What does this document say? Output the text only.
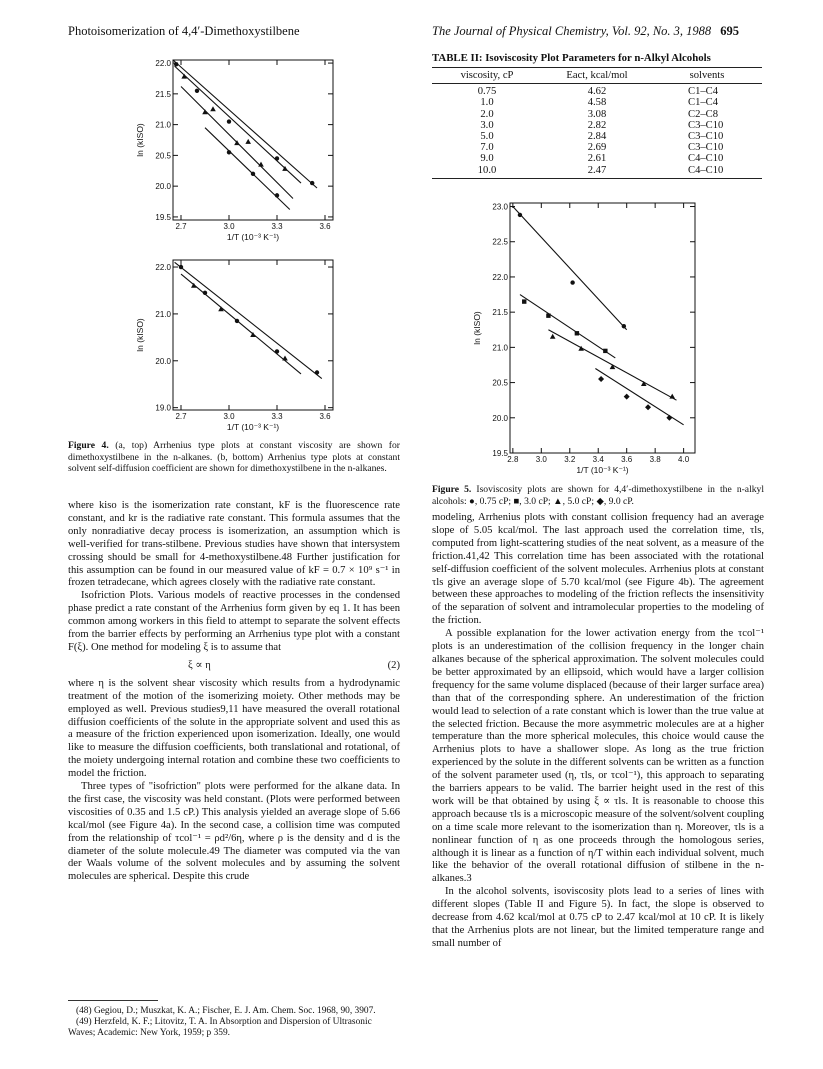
Photoisomerization of 4,4′-Dimethoxystilbene	The Journal of Physical Chemistry, Vol. 92, No. 3, 1988 695
22.0
21.5
21.0
20.5
20.0
19.5
2.7	3.0	3.3	3.6
1/T (10⁻³ K⁻¹)
ln (kISO)
22.0
21.0
20.0
19.0
2.7	3.0	3.3	3.6
1/T (10⁻³ K⁻¹)
ln (kISO)
Figure 4. (a, top) Arrhenius type plots at constant viscosity are shown for dimethoxystilbene in the n-alkanes. (b, bottom) Arrhenius type plots at constant solvent self-diffusion coefficient are shown for dimethoxystilbene in the n-alkanes.

where kiso is the isomerization rate constant, kF is the fluorescence rate constant, and kr is the radiative rate constant. This formula assumes that the only nonradiative decay process is isomerization, an assumption which is well-verified for trans-stilbene. Previous studies have shown that intersystem crossing should be small for 4-methoxystilbene.48 Further justification for this assumption can be found in our measured value of kF = 0.7 × 10⁹ s⁻¹ in frozen tetradecane, which agrees closely with the radiative rate constant.

Isofriction Plots. Various models of reactive processes in the condensed phase predict a rate constant of the Arrhenius form given by eq 1. It has been common among workers in this field to attempt to separate the solvent effects from the barrier effects by performing an Arrhenius type plot with a constant F(ξ). One method for modeling ξ is to assume that

ξ ∝ η	(2)

where η is the solvent shear viscosity which results from a hydrodynamic treatment of the motion of the isomerizing moiety. Other methods may be employed as well. Previous studies9,11 have measured the overall rotational diffusion coefficients of the solute in the appropriate solvent and used this as a measure of the friction experienced upon isomerization. Ideally, one would like to measure the diffusion coefficients, both translational and rotational, of the moiety undergoing internal rotation and combine these two coefficients to model the friction.

Three types of "isofriction" plots were performed for the alkane data. In the first case, the viscosity was held constant. (Plots were performed between viscosities of 0.35 and 1.5 cP.) This analysis yielded an average slope of 5.66 kcal/mol (see Figure 4a). In the second case, a collision time was computed from the relationship of τcol⁻¹ = ρd²/6η, where ρ is the density and d is the diameter of the solute molecule.49 The diameter was computed via the van der Waals volume of the solvent molecules and by assuming the solvent molecules are spherical. Despite this crude

(48) Gegiou, D.; Muszkat, K. A.; Fischer, E. J. Am. Chem. Soc. 1968, 90, 3907.
(49) Herzfeld, K. F.; Litovitz, T. A. In Absorption and Dispersion of Ultrasonic Waves; Academic: New York, 1959; p 359.
TABLE II: Isoviscosity Plot Parameters for n-Alkyl Alcohols
viscosity, cP	Eact, kcal/mol	solvents
0.75	4.62	C1–C4
1.0	4.58	C1–C4
2.0	3.08	C2–C8
3.0	2.82	C3–C10
5.0	2.84	C3–C10
7.0	2.69	C3–C10
9.0	2.61	C4–C10
10.0	2.47	C4–C10
23.0
22.5
22.0
21.5
21.0
20.5
20.0
19.5
2.8 3.0 3.2 3.4 3.6 3.8 4.0
1/T (10⁻³ K⁻¹)
ln (kISO)
Figure 5. Isoviscosity plots are shown for 4,4′-dimethoxystilbene in the n-alkyl alcohols: ●, 0.75 cP; ■, 3.0 cP; ▲, 5.0 cP; ◆, 9.0 cP.

modeling, Arrhenius plots with constant collision frequency had an average slope of 5.05 kcal/mol. The last approach used the correlation time, τls, computed from light-scattering studies of the neat solvent, as a measure of the friction.41,42 This correlation time has been associated with the rotational self-diffusion coefficient of the solvent molecules. Arrhenius plots at constant τls give an average slope of 5.70 kcal/mol (see Figure 4b). The agreement between these approaches to modeling of the friction reflects the insensitivity of the separation of solvent and intramolecular properties to the modeling of the friction.

A possible explanation for the lower activation energy from the τcol⁻¹ plots is an underestimation of the collision frequency in the longer chain alkanes because of the spherical approximation. The solvent molecules could be better approximated by an ellipsoid, which would have a larger collision frequency for the same volume displaced (because of their larger surface area) than that of the corresponding sphere. An underestimation of the friction would lead to selection of a rate constant which is lower than the true value at the selected friction. Because the more asymmetric molecules are at a higher temperature than the more spherical molecules, this choice would cause the Arrhenius plots to have a shallower slope. As long as the true friction experienced by the solute in the different solvents can be written as a function of the solvent parameter used (η, τls, or τcol⁻¹), this approach to separating the barriers appears to be valid. The barrier height used in the rest of this work will be that obtained by using ξ ∝ τls. It is reasonable to choose this approach because τls is a microscopic measure of the solvent/solvent coupling on a time scale more relevant to the isomerization than η. Moreover, τls is a nonlinear function of η as one proceeds through the homologous series, although it is linear as a function of η/T within each individual solvent, much like the behavior of the overall rotational diffusion of stilbene in the n-alkanes.3

In the alcohol solvents, isoviscosity plots lead to a series of lines with different slopes (Table II and Figure 5). In fact, the slope is observed to decrease from 4.62 kcal/mol at 0.75 cP to 2.47 kcal/mol at 10 cP. It is likely that the Arrhenius plots are not linear, but the limited temperature range and small number of
